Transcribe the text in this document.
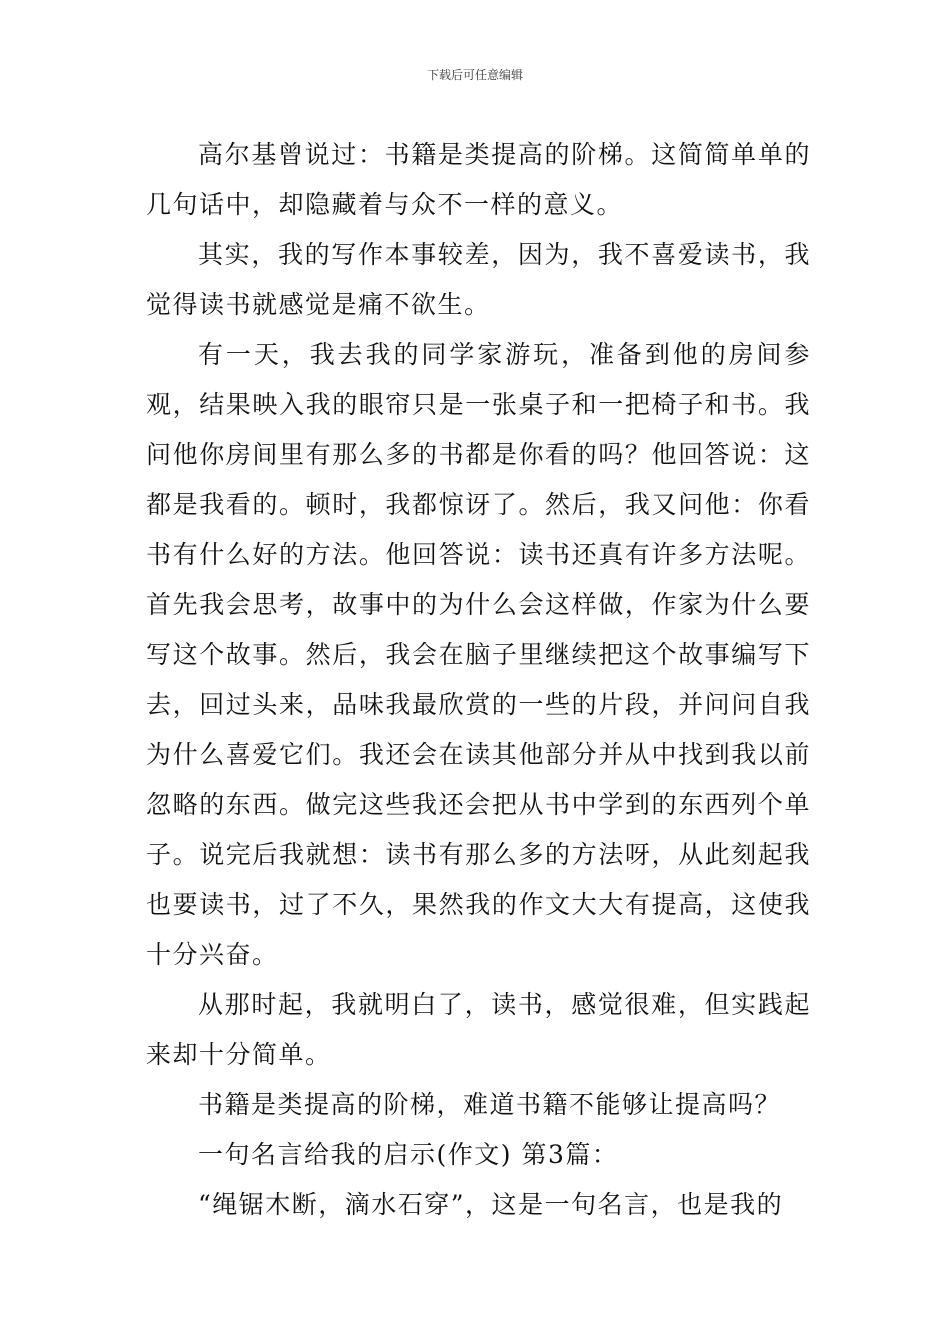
下载后可任意编辑

高尔基曾说过：书籍是类提高的阶梯。这简简单单的几句话中，却隐藏着与众不一样的意义。

其实，我的写作本事较差，因为，我不喜爱读书，我觉得读书就感觉是痛不欲生。

有一天，我去我的同学家游玩，准备到他的房间参观，结果映入我的眼帘只是一张桌子和一把椅子和书。我问他你房间里有那么多的书都是你看的吗？他回答说：这都是我看的。顿时，我都惊讶了。然后，我又问他：你看书有什么好的方法。他回答说：读书还真有许多方法呢。首先我会思考，故事中的为什么会这样做，作家为什么要写这个故事。然后，我会在脑子里继续把这个故事编写下去，回过头来，品味我最欣赏的一些的片段，并问问自我为什么喜爱它们。我还会在读其他部分并从中找到我以前忽略的东西。做完这些我还会把从书中学到的东西列个单子。说完后我就想：读书有那么多的方法呀，从此刻起我也要读书，过了不久，果然我的作文大大有提高，这使我十分兴奋。

从那时起，我就明白了，读书，感觉很难，但实践起来却十分简单。

书籍是类提高的阶梯，难道书籍不能够让提高吗？

一句名言给我的启示(作文) 第3篇：

“绳锯木断，滴水石穿”，这是一句名言，也是我的
